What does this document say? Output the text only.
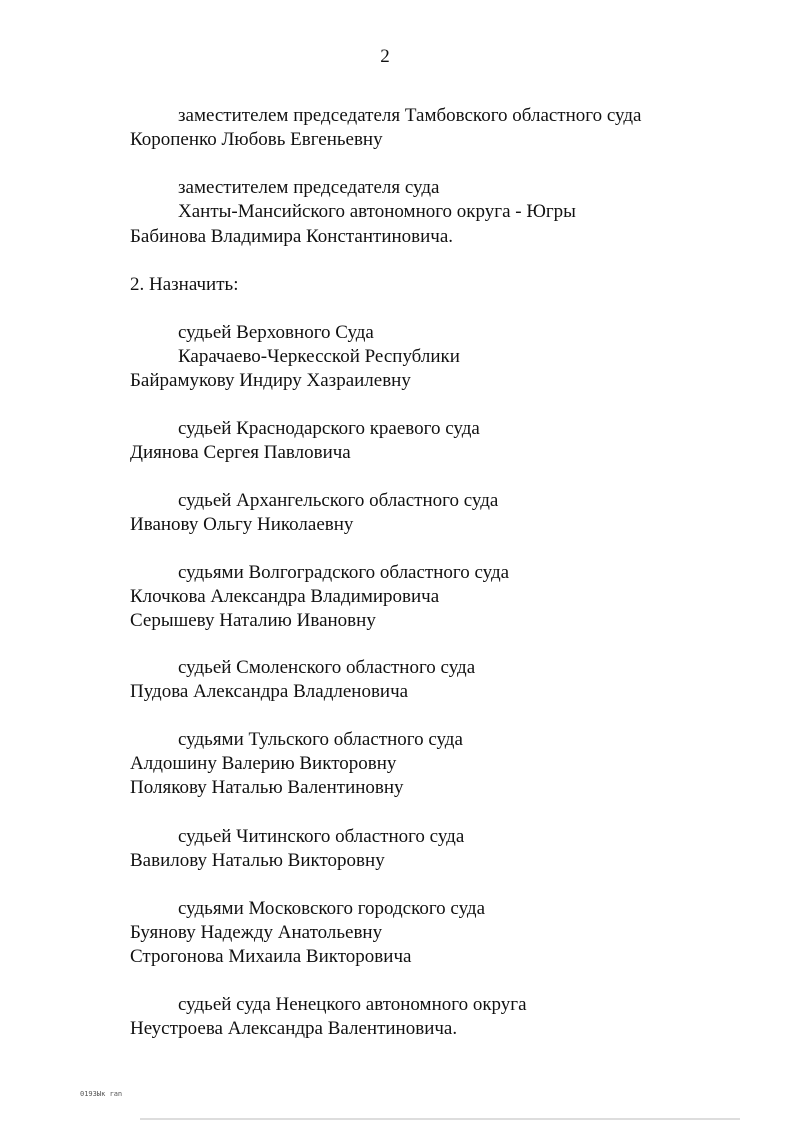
2
заместителем председателя Тамбовского областного суда
Коропенко Любовь Евгеньевну
заместителем председателя суда
Ханты-Мансийского автономного округа - Югры
Бабинова Владимира Константиновича.
2. Назначить:
судьей Верховного Суда
Карачаево-Черкесской Республики
Байрамукову Индиру Хазраилевну
судьей Краснодарского краевого суда
Диянова Сергея Павловича
судьей Архангельского областного суда
Иванову Ольгу Николаевну
судьями Волгоградского областного суда
Клочкова Александра Владимировича
Серышеву Наталию Ивановну
судьей Смоленского областного суда
Пудова Александра Владленовича
судьями Тульского областного суда
Алдошину Валерию Викторовну
Полякову Наталью Валентиновну
судьей Читинского областного суда
Вавилову Наталью Викторовну
судьями Московского городского суда
Буянову Надежду Анатольевну
Строгонова Михаила Викторовича
судьей суда Ненецкого автономного округа
Неустроева Александра Валентиновича.
0193Ык ran
